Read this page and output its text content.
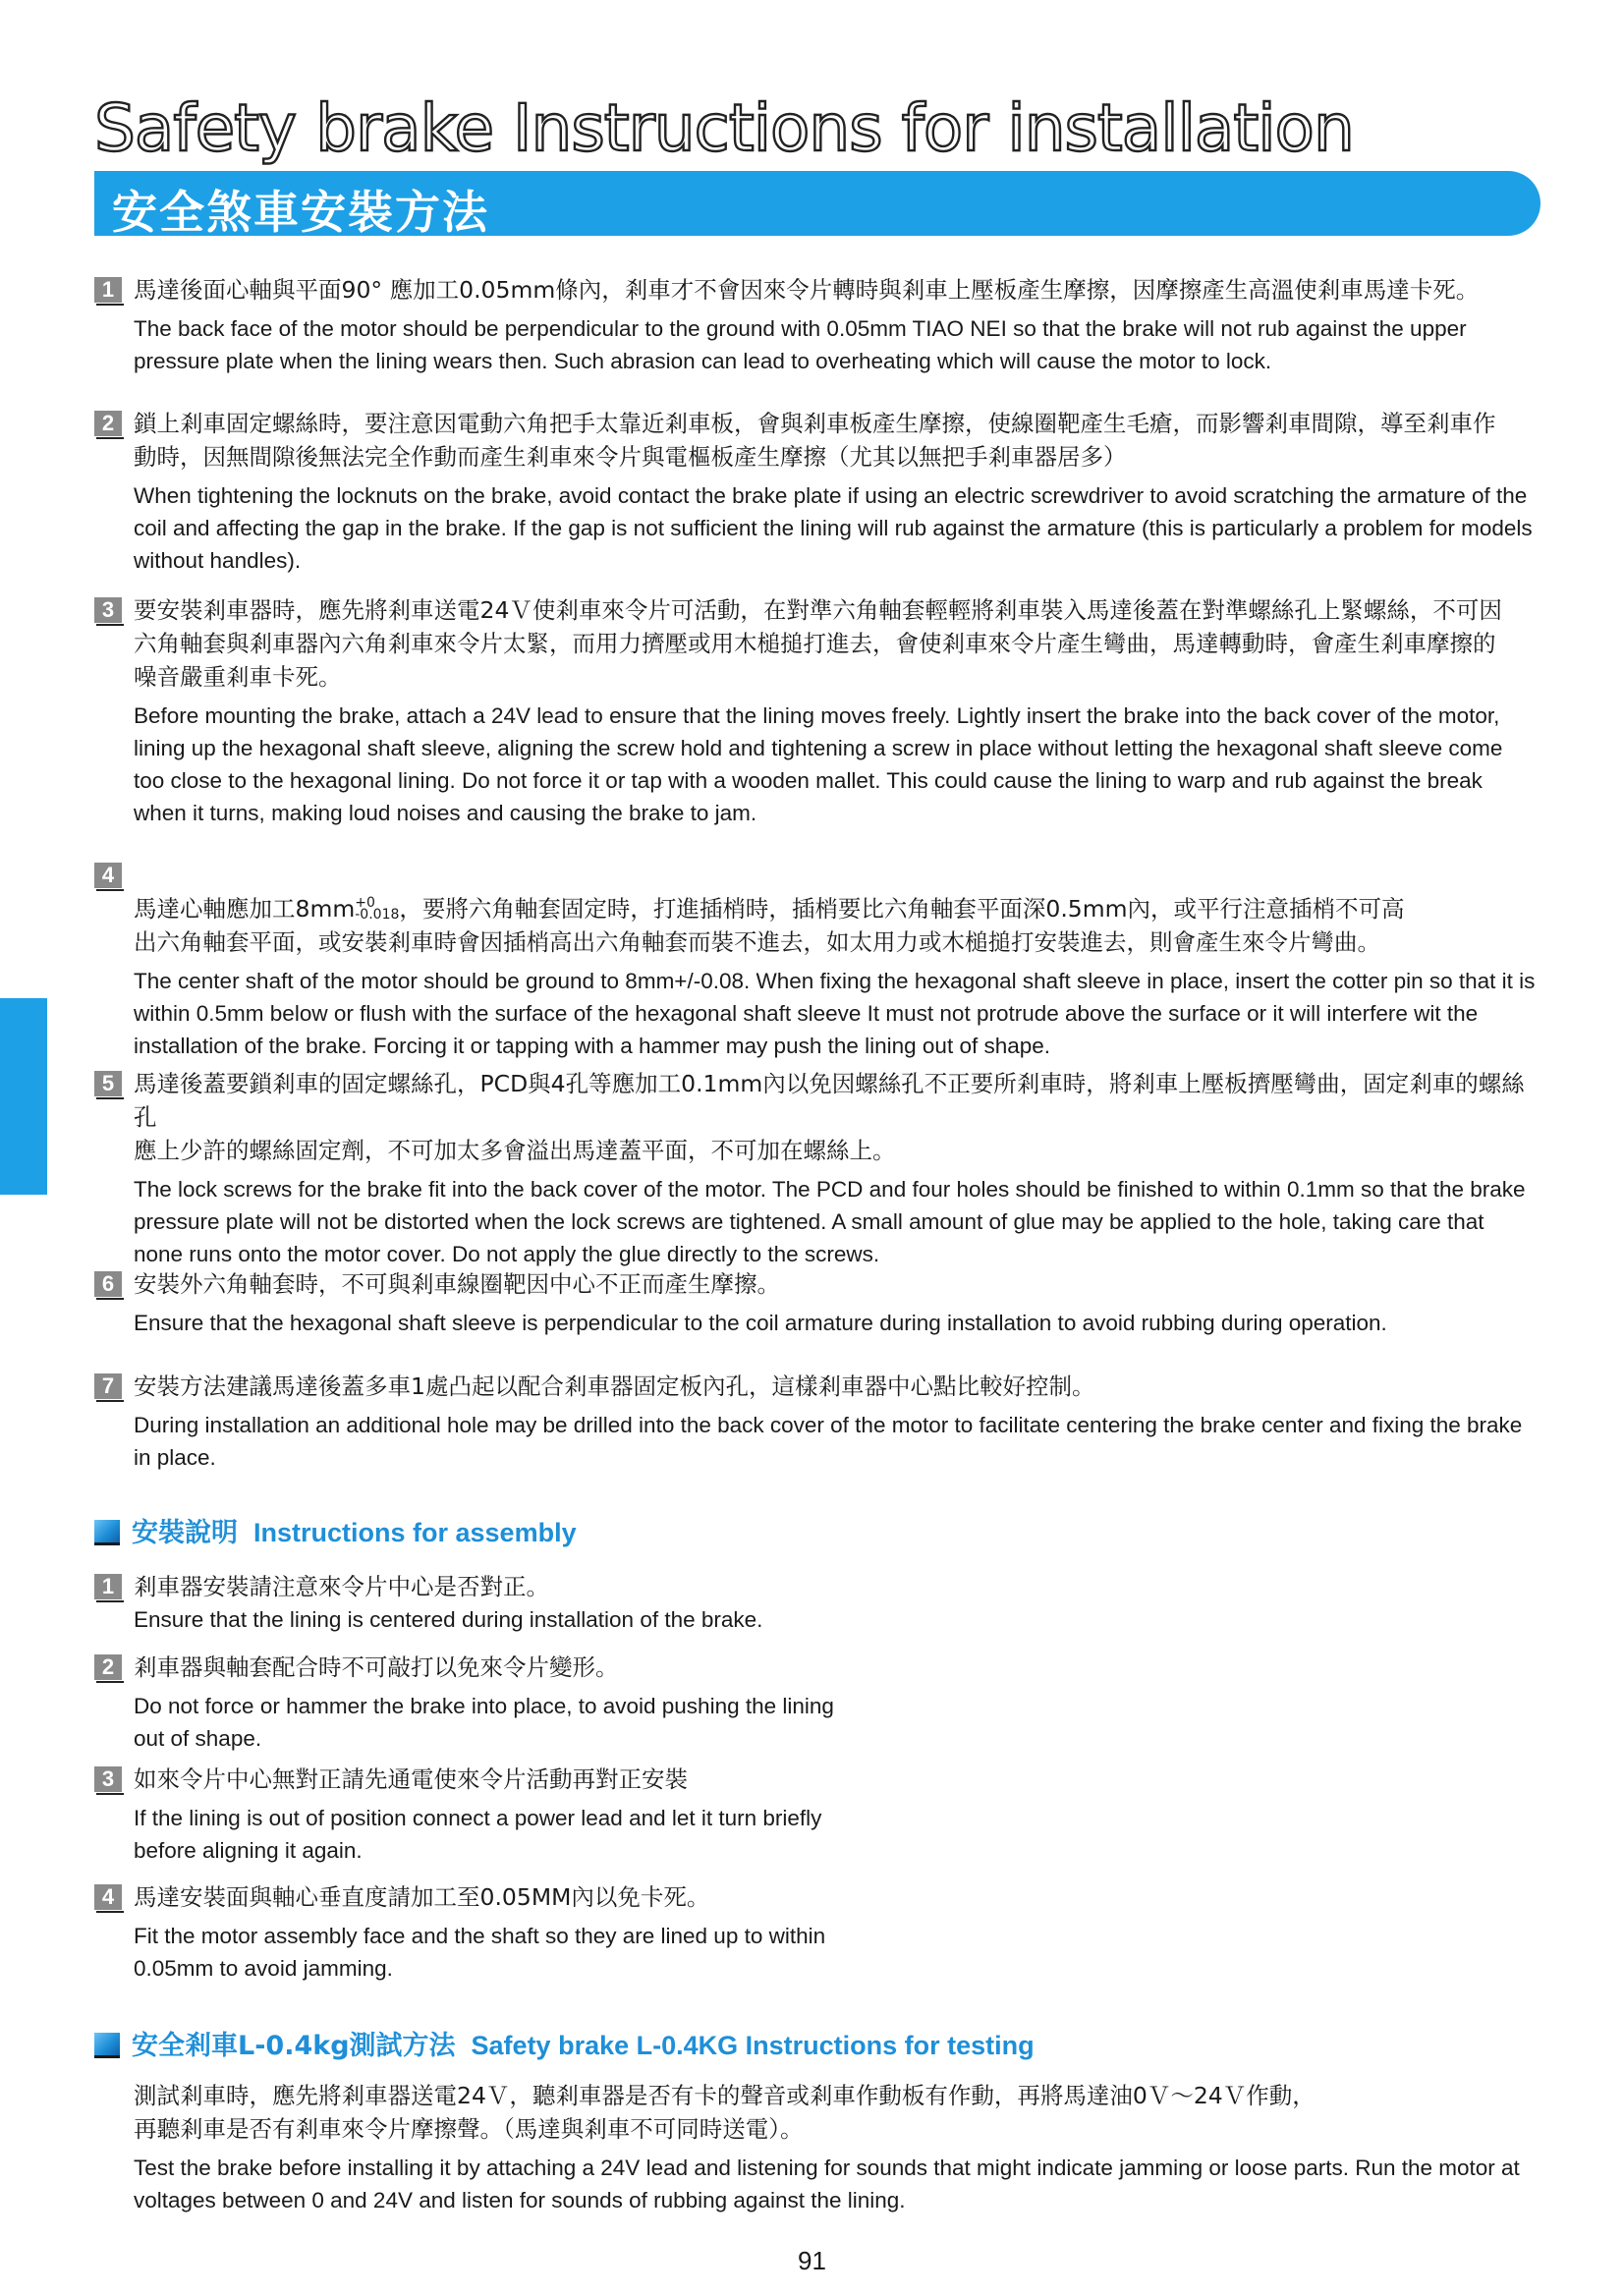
Safety brake Instructions for installation
安全煞車安裝方法
1 馬達後面心軸與平面90° 應加工0.05mm條內，剎車才不會因來令片轉時與剎車上壓板產生摩擦，因摩擦產生高溫使剎車馬達卡死。
The back face of the motor should be perpendicular to the ground with 0.05mm TIAO NEI so that the brake will not rub against the upper pressure plate when the lining wears then. Such abrasion can lead to overheating which will cause the motor to lock.
2 鎖上剎車固定螺絲時，要注意因電動六角把手太靠近剎車板，會與剎車板產生摩擦，使線圈靶產生毛瘡，而影響剎車間隙，導至剎車作
動時，因無間隙後無法完全作動而產生剎車來令片與電樞板產生摩擦（尤其以無把手剎車器居多）
When tightening the locknuts on the brake, avoid contact the brake plate if using an electric screwdriver to avoid scratching the armature of the coil and affecting the gap in the brake. If the gap is not sufficient the lining will rub against the armature (this is particularly a problem for models without handles).
3 要安裝剎車器時，應先將剎車送電24Ｖ使剎車來令片可活動，在對準六角軸套輕輕將剎車裝入馬達後蓋在對準螺絲孔上緊螺絲，不可因
六角軸套與剎車器內六角剎車來令片太緊，而用力擠壓或用木槌搥打進去，會使剎車來令片產生彎曲，馬達轉動時，會產生剎車摩擦的
噪音嚴重剎車卡死。
Before mounting the brake, attach a 24V lead to ensure that the lining moves freely. Lightly insert the brake into the back cover of the motor, lining up the hexagonal shaft sleeve, aligning the screw hold and tightening a screw in place without letting the hexagonal shaft sleeve come too close to the hexagonal lining. Do not force it or tap with a wooden mallet. This could cause the lining to warp and rub against the break when it turns, making loud noises and causing the brake to jam.
4

馬達心軸應加工8mm +0
-0.018 ，要將六角軸套固定時，打進插梢時，插梢要比六角軸套平面深0.5mm內，或平行注意插梢不可高
出六角軸套平面，或安裝剎車時會因插梢高出六角軸套而裝不進去，如太用力或木槌搥打安裝進去，則會產生來令片彎曲。

The center shaft of the motor should be ground to 8mm+/-0.08. When fixing the hexagonal shaft sleeve in place, insert the cotter pin so that it is within 0.5mm below or flush with the surface of the hexagonal shaft sleeve It must not protrude above the surface or it will interfere wit the installation of the brake. Forcing it or tapping with a hammer may push the lining out of shape.
5 馬達後蓋要鎖剎車的固定螺絲孔，PCD與4孔等應加工0.1mm內以免因螺絲孔不正要所剎車時，將剎車上壓板擠壓彎曲，固定剎車的螺絲孔
應上少許的螺絲固定劑，不可加太多會溢出馬達蓋平面，不可加在螺絲上。
The lock screws for the brake fit into the back cover of the motor. The PCD and four holes should be finished to within 0.1mm so that the brake pressure plate will not be distorted when the lock screws are tightened. A small amount of glue may be applied to the hole, taking care that none runs onto the motor cover. Do not apply the glue directly to the screws.
6 安裝外六角軸套時，不可與剎車線圈靶因中心不正而產生摩擦。
Ensure that the hexagonal shaft sleeve is perpendicular to the coil armature during installation to avoid rubbing during operation.
7 安裝方法建議馬達後蓋多車1處凸起以配合剎車器固定板內孔，這樣剎車器中心點比較好控制。
During installation an additional hole may be drilled into the back cover of the motor to facilitate centering the brake center and fixing the brake in place.
安裝說明 Instructions for assembly
1 剎車器安裝請注意來令片中心是否對正。
Ensure that the lining is centered during installation of the brake.
2 剎車器與軸套配合時不可敲打以免來令片變形。
Do not force or hammer the brake into place, to avoid pushing the lining out of shape.
3 如來令片中心無對正請先通電使來令片活動再對正安裝
If the lining is out of position connect a power lead and let it turn briefly before aligning it again.
4 馬達安裝面與軸心垂直度請加工至0.05MM內以免卡死。
Fit the motor assembly face and the shaft so they are lined up to within 0.05mm to avoid jamming.
安全剎車L-0.4kg測試方法 Safety brake L-0.4KG Instructions for testing
測試剎車時，應先將剎車器送電24Ｖ，聽剎車器是否有卡的聲音或剎車作動板有作動，再將馬達油0Ｖ～24Ｖ作動，
再聽剎車是否有剎車來令片摩擦聲。（馬達與剎車不可同時送電）。
Test the brake before installing it by attaching a 24V lead and listening for sounds that might indicate jamming or loose parts. Run the motor at voltages between 0 and 24V and listen for sounds of rubbing against the lining.
91
